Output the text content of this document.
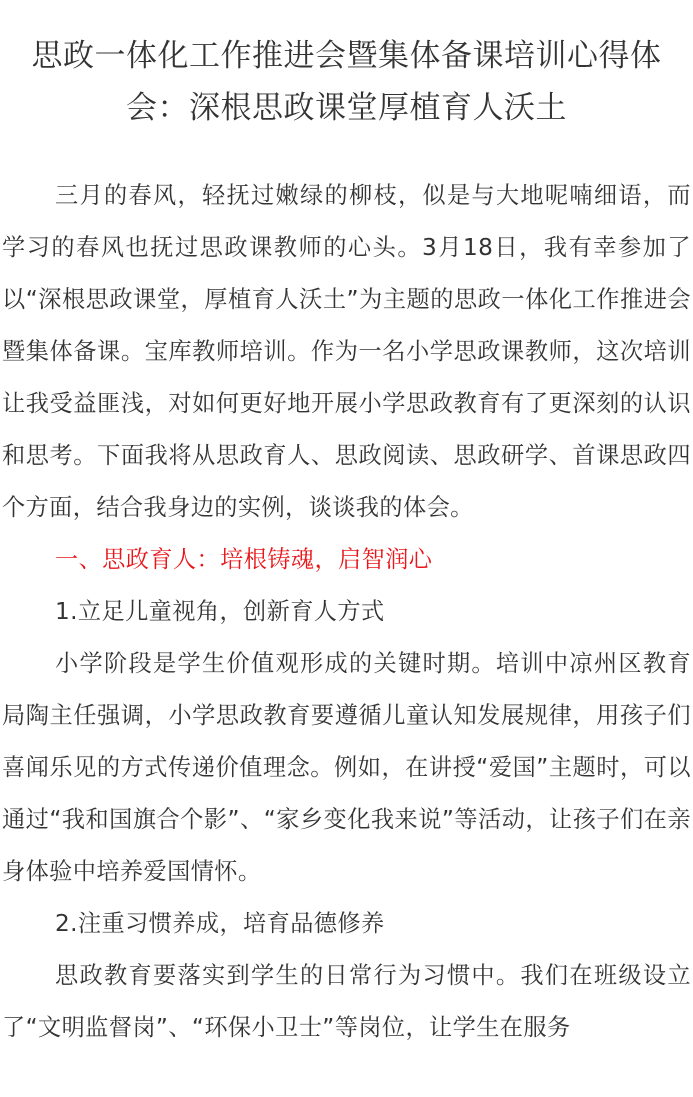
思政一体化工作推进会暨集体备课培训心得体会：深根思政课堂厚植育人沃土

三月的春风，轻抚过嫩绿的柳枝，似是与大地呢喃细语，而学习的春风也抚过思政课教师的心头。3月18日，我有幸参加了以“深根思政课堂，厚植育人沃土”为主题的思政一体化工作推进会暨集体备课。宝库教师培训。作为一名小学思政课教师，这次培训让我受益匪浅，对如何更好地开展小学思政教育有了更深刻的认识和思考。下面我将从思政育人、思政阅读、思政研学、首课思政四个方面，结合我身边的实例，谈谈我的体会。

一、思政育人：培根铸魂，启智润心

1.立足儿童视角，创新育人方式

小学阶段是学生价值观形成的关键时期。培训中凉州区教育局陶主任强调，小学思政教育要遵循儿童认知发展规律，用孩子们喜闻乐见的方式传递价值理念。例如，在讲授“爱国”主题时，可以通过“我和国旗合个影”、“家乡变化我来说”等活动，让孩子们在亲身体验中培养爱国情怀。

2.注重习惯养成，培育品德修养

思政教育要落实到学生的日常行为习惯中。我们在班级设立了“文明监督岗”、“环保小卫士”等岗位，让学生在服务
